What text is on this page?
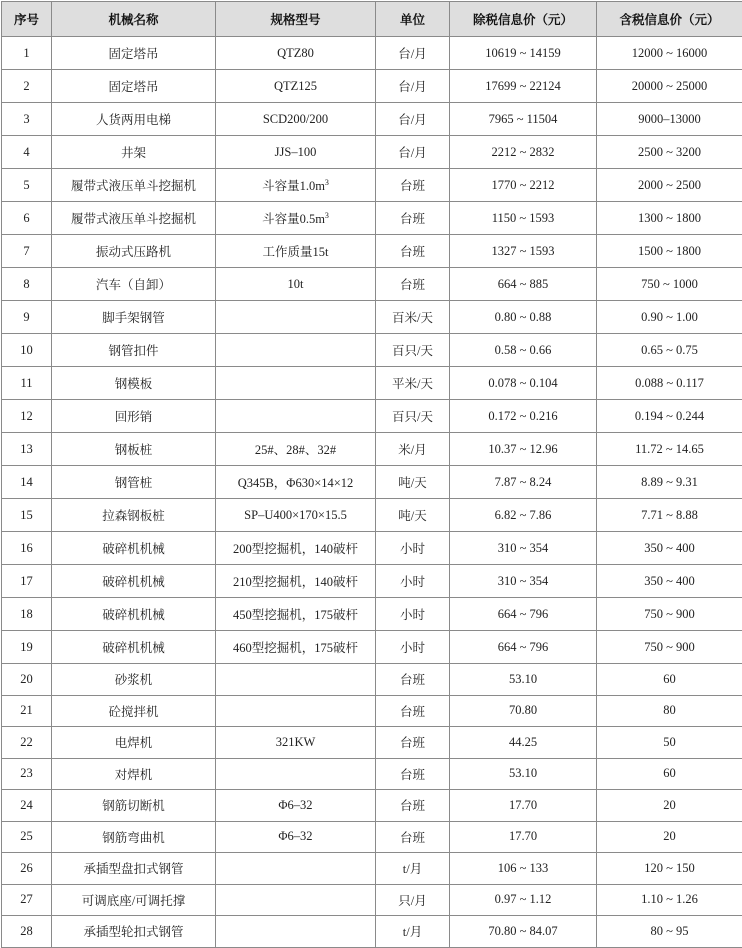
序号	机械名称	规格型号	单位	除税信息价（元）	含税信息价（元）
1	固定塔吊	QTZ80	台/月	10619 ~ 14159	12000 ~ 16000
2	固定塔吊	QTZ125	台/月	17699 ~ 22124	20000 ~ 25000
3	人货两用电梯	SCD200/200	台/月	7965 ~ 11504	9000–13000
4	井架	JJS–100	台/月	2212 ~ 2832	2500 ~ 3200
5	履带式液压单斗挖掘机	斗容量$1.0m^3$	台班	1770 ~ 2212	2000 ~ 2500
6	履带式液压单斗挖掘机	斗容量$0.5m^3$	台班	1150 ~ 1593	1300 ~ 1800
7	振动式压路机	工作质量15t	台班	1327 ~ 1593	1500 ~ 1800
8	汽车（自卸）	10t	台班	664 ~ 885	750 ~ 1000
9	脚手架钢管		百米/天	0.80 ~ 0.88	0.90 ~ 1.00
10	钢管扣件		百只/天	0.58 ~ 0.66	0.65 ~ 0.75
11	钢模板		平米/天	0.078 ~ 0.104	0.088 ~ 0.117
12	回形销		百只/天	0.172 ~ 0.216	0.194 ~ 0.244
13	钢板桩	25#、28#、32#	米/月	10.37 ~ 12.96	11.72 ~ 14.65
14	钢管桩	Q345B，Φ630×14×12	吨/天	7.87 ~ 8.24	8.89 ~ 9.31
15	拉森钢板桩	SP–U400×170×15.5	吨/天	6.82 ~ 7.86	7.71 ~ 8.88
16	破碎机机械	200型挖掘机，140破杆	小时	310 ~ 354	350 ~ 400
17	破碎机机械	210型挖掘机，140破杆	小时	310 ~ 354	350 ~ 400
18	破碎机机械	450型挖掘机，175破杆	小时	664 ~ 796	750 ~ 900
19	破碎机机械	460型挖掘机，175破杆	小时	664 ~ 796	750 ~ 900
20	砂浆机		台班	53.10	60
21	砼搅拌机		台班	70.80	80
22	电焊机	321KW	台班	44.25	50
23	对焊机		台班	53.10	60
24	钢筋切断机	Φ6–32	台班	17.70	20
25	钢筋弯曲机	Φ6–32	台班	17.70	20
26	承插型盘扣式钢管		t/月	106 ~ 133	120 ~ 150
27	可调底座/可调托撑		只/月	0.97 ~ 1.12	1.10 ~ 1.26
28	承插型轮扣式钢管		t/月	70.80 ~ 84.07	80 ~ 95
